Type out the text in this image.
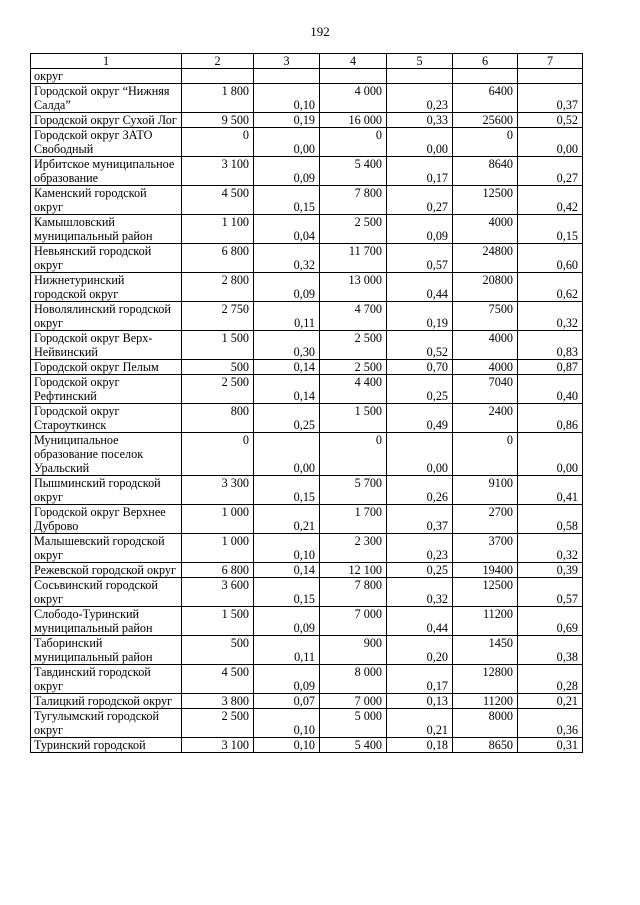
192
1	2	3	4	5	6	7
округ						
Городской округ “Нижняя Салда”	1 800	0,10	4 000	0,23	6400	0,37
Городской округ Сухой Лог	9 500	0,19	16 000	0,33	25600	0,52
Городской округ ЗАТО Свободный	0	0,00	0	0,00	0	0,00
Ирбитское муниципальное образование	3 100	0,09	5 400	0,17	8640	0,27
Каменский городской округ	4 500	0,15	7 800	0,27	12500	0,42
Камышловский муниципальный район	1 100	0,04	2 500	0,09	4000	0,15
Невьянский городской округ	6 800	0,32	11 700	0,57	24800	0,60
Нижнетуринский городской округ	2 800	0,09	13 000	0,44	20800	0,62
Новолялинский городской округ	2 750	0,11	4 700	0,19	7500	0,32
Городской округ Верх-Нейвинский	1 500	0,30	2 500	0,52	4000	0,83
Городской округ Пелым	500	0,14	2 500	0,70	4000	0,87
Городской округ Рефтинский	2 500	0,14	4 400	0,25	7040	0,40
Городской округ Староуткинск	800	0,25	1 500	0,49	2400	0,86
Муниципальное образование поселок Уральский	0	0,00	0	0,00	0	0,00
Пышминский городской округ	3 300	0,15	5 700	0,26	9100	0,41
Городской округ Верхнее Дуброво	1 000	0,21	1 700	0,37	2700	0,58
Малышевский городской округ	1 000	0,10	2 300	0,23	3700	0,32
Режевской городской округ	6 800	0,14	12 100	0,25	19400	0,39
Сосьвинский городской округ	3 600	0,15	7 800	0,32	12500	0,57
Слободо-Туринский муниципальный район	1 500	0,09	7 000	0,44	11200	0,69
Таборинский муниципальный район	500	0,11	900	0,20	1450	0,38
Тавдинский городской округ	4 500	0,09	8 000	0,17	12800	0,28
Талицкий городской округ	3 800	0,07	7 000	0,13	11200	0,21
Тугулымский городской округ	2 500	0,10	5 000	0,21	8000	0,36
Туринский городской	3 100	0,10	5 400	0,18	8650	0,31
